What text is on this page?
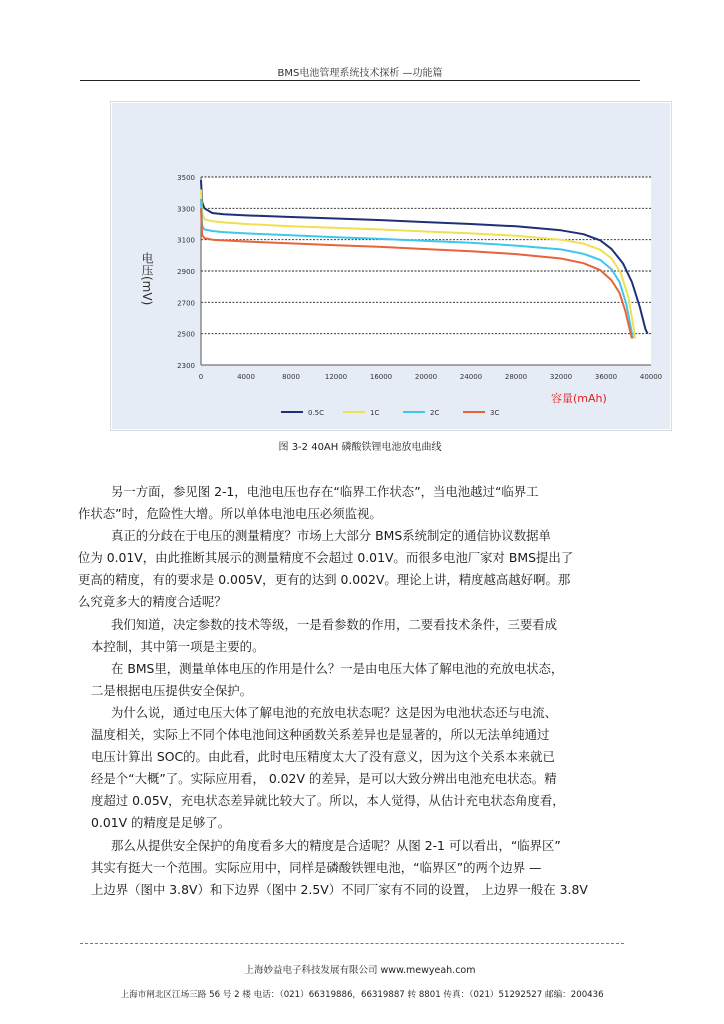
BMS电池管理系统技术探析 —功能篇
2300
2500
2700
2900
3100
3300
3500
0	4000	8000	12000	16000	20000	24000	28000	32000	36000	40000
0.5C	1C	2C	3C
电压(mV)
容量(mAh)
图 3-2 40AH 磷酸铁锂电池放电曲线

另一方面，参见图 2-1，电池电压也存在“临界工作状态”，当电池越过“临界工
作状态”时，危险性大增。所以单体电池电压必须监视。

真正的分歧在于电压的测量精度？市场上大部分 BMS系统制定的通信协议数据单
位为 0.01V，由此推断其展示的测量精度不会超过 0.01V。而很多电池厂家对 BMS提出了
更高的精度，有的要求是 0.005V，更有的达到 0.002V。理论上讲，精度越高越好啊。那
么究竟多大的精度合适呢？

我们知道，决定参数的技术等级，一是看参数的作用，二要看技术条件，三要看成
本控制，其中第一项是主要的。

在 BMS里，测量单体电压的作用是什么？一是由电压大体了解电池的充放电状态，
二是根据电压提供安全保护。

为什么说，通过电压大体了解电池的充放电状态呢？这是因为电池状态还与电流、
温度相关，实际上不同个体电池间这种函数关系差异也是显著的，所以无法单纯通过
电压计算出 SOC的。由此看，此时电压精度太大了没有意义，因为这个关系本来就已
经是个“大概”了。实际应用看， 0.02V 的差异，是可以大致分辨出电池充电状态。精
度超过 0.05V，充电状态差异就比较大了。所以，本人觉得，从估计充电状态角度看，
0.01V 的精度是足够了。

那么从提供安全保护的角度看多大的精度是合适呢？从图 2-1 可以看出，“临界区”
其实有挺大一个范围。实际应用中，同样是磷酸铁锂电池，“临界区”的两个边界 —
上边界（图中 3.8V）和下边界（图中 2.5V）不同厂家有不同的设置， 上边界一般在 3.8V

上海妙益电子科技发展有限公司 www.mewyeah.com
上海市闸北区江场三路 56 号 2 楼 电话：（021）66319886，66319887 转 8801 传真：（021）51292527 邮编：200436
